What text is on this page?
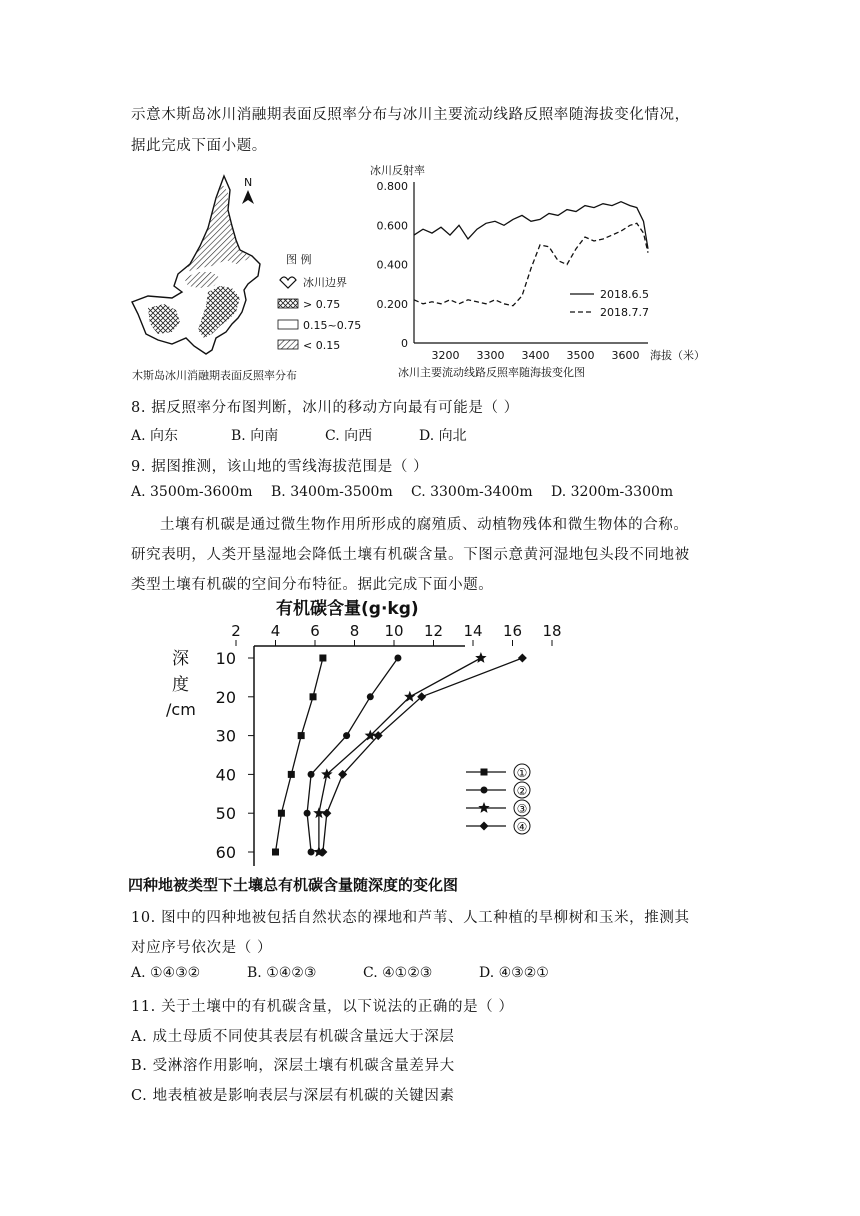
示意木斯岛冰川消融期表面反照率分布与冰川主要流动线路反照率随海拔变化情况，
据此完成下面小题。
N
图 例
冰川边界
> 0.75
0.15~0.75
< 0.15
木斯岛冰川消融期表面反照率分布
冰川反射率
0
0.200
0.400
0.600
0.800
3200 3300 3400 3500 3600 海拔（米）
2018.6.5
2018.7.7
冰川主要流动线路反照率随海拔变化图
8. 据反照率分布图判断，冰川的移动方向最有可能是（ ）
A. 向东	B. 向南	C. 向西	D. 向北
9. 据图推测，该山地的雪线海拔范围是（ ）
A. 3500m-3600m B. 3400m-3500m C. 3300m-3400m D. 3200m-3300m
土壤有机碳是通过微生物作用所形成的腐殖质、动植物残体和微生物体的合称。
研究表明，人类开垦湿地会降低土壤有机碳含量。下图示意黄河湿地包头段不同地被
类型土壤有机碳的空间分布特征。据此完成下面小题。
有机碳含量(g·kg)
2 4 6 8 10 12 14 16 18
深
度
/cm
10
20
30
40
50
60
①
②
③
④
四种地被类型下土壤总有机碳含量随深度的变化图
10. 图中的四种地被包括自然状态的裸地和芦苇、人工种植的旱柳树和玉米，推测其
对应序号依次是（ ）
A. ①④③②	B. ①④②③	C. ④①②③	D. ④③②①
11. 关于土壤中的有机碳含量，以下说法的正确的是（ ）
A. 成土母质不同使其表层有机碳含量远大于深层
B. 受淋溶作用影响，深层土壤有机碳含量差异大
C. 地表植被是影响表层与深层有机碳的关键因素
